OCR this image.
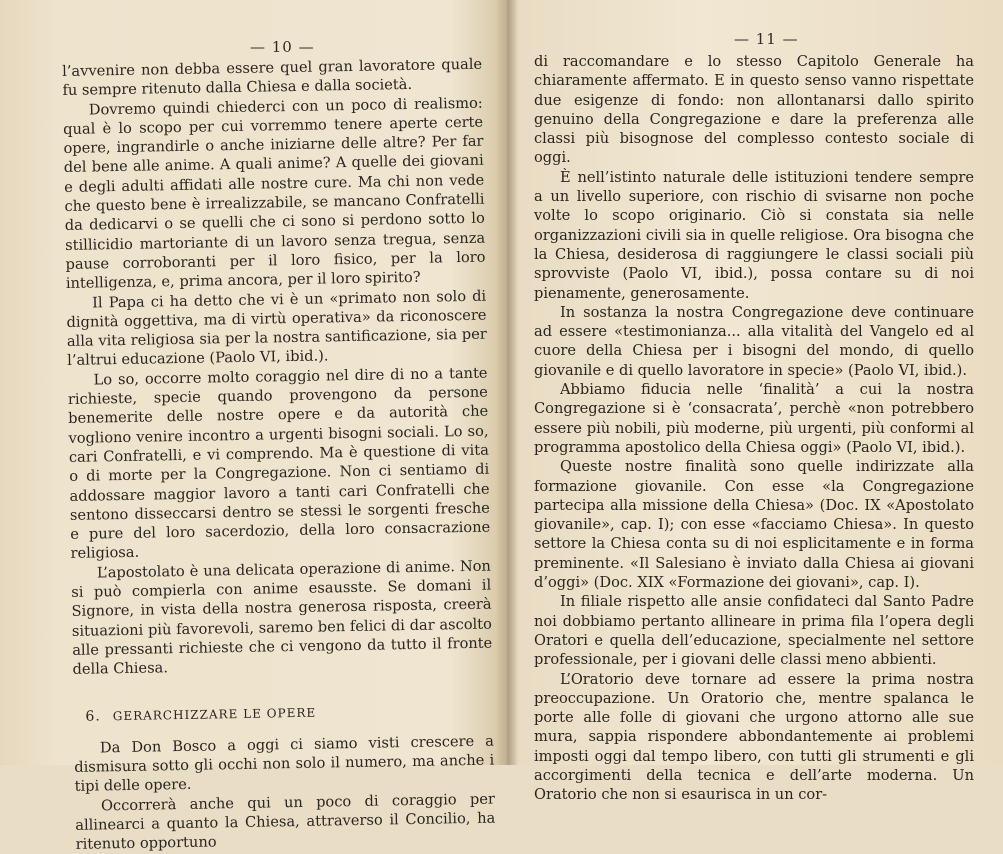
— 10 —

l’avvenire non debba essere quel gran lavoratore quale fu sempre ritenuto dalla Chiesa e dalla società.

Dovremo quindi chiederci con un poco di realismo: qual è lo scopo per cui vorremmo tenere aperte certe opere, ingrandirle o anche iniziarne delle altre? Per far del bene alle anime. A quali anime? A quelle dei giovani e degli adulti affidati alle nostre cure. Ma chi non vede che questo bene è irrealizzabile, se mancano Confratelli da dedicarvi o se quelli che ci sono si perdono sotto lo stillicidio martoriante di un lavoro senza tregua, senza pause corroboranti per il loro fisico, per la loro intelligenza, e, prima ancora, per il loro spirito?

Il Papa ci ha detto che vi è un «primato non solo di dignità oggettiva, ma di virtù operativa» da riconoscere alla vita religiosa sia per la nostra santificazione, sia per l’altrui educazione (Paolo VI, ibid.).

Lo so, occorre molto coraggio nel dire di no a tante richieste, specie quando provengono da persone benemerite delle nostre opere e da autorità che vogliono venire incontro a urgenti bisogni sociali. Lo so, cari Confratelli, e vi comprendo. Ma è questione di vita o di morte per la Congregazione. Non ci sentiamo di addossare maggior lavoro a tanti cari Confratelli che sentono disseccarsi dentro se stessi le sorgenti fresche e pure del loro sacerdozio, della loro consacrazione religiosa.

L’apostolato è una delicata operazione di anime. Non si può compierla con anime esausste. Se domani il Signore, in vista della nostra generosa risposta, creerà situazioni più favorevoli, saremo ben felici di dar ascolto alle pressanti richieste che ci vengono da tutto il fronte della Chiesa.

6. GERARCHIZZARE LE OPERE

Da Don Bosco a oggi ci siamo visti crescere a dismisura sotto gli occhi non solo il numero, ma anche i tipi delle opere.

Occorrerà anche qui un poco di coraggio per allinearci a quanto la Chiesa, attraverso il Concilio, ha ritenuto opportuno

— 11 —

di raccomandare e lo stesso Capitolo Generale ha chiaramente affermato. E in questo senso vanno rispettate due esigenze di fondo: non allontanarsi dallo spirito genuino della Congregazione e dare la preferenza alle classi più bisognose del complesso contesto sociale di oggi.

È nell’istinto naturale delle istituzioni tendere sempre a un livello superiore, con rischio di svisarne non poche volte lo scopo originario. Ciò si constata sia nelle organizzazioni civili sia in quelle religiose. Ora bisogna che la Chiesa, desiderosa di raggiungere le classi sociali più sprovviste (Paolo VI, ibid.), possa contare su di noi pienamente, generosamente.

In sostanza la nostra Congregazione deve continuare ad essere «testimonianza... alla vitalità del Vangelo ed al cuore della Chiesa per i bisogni del mondo, di quello giovanile e di quello lavoratore in specie» (Paolo VI, ibid.).

Abbiamo fiducia nelle ‘finalità’ a cui la nostra Congregazione si è ‘consacrata’, perchè «non potrebbero essere più nobili, più moderne, più urgenti, più conformi al programma apostolico della Chiesa oggi» (Paolo VI, ibid.).

Queste nostre finalità sono quelle indirizzate alla formazione giovanile. Con esse «la Congregazione partecipa alla missione della Chiesa» (Doc. IX «Apostolato giovanile», cap. I); con esse «facciamo Chiesa». In questo settore la Chiesa conta su di noi esplicitamente e in forma preminente. «Il Salesiano è inviato dalla Chiesa ai giovani d’oggi» (Doc. XIX «Formazione dei giovani», cap. I).

In filiale rispetto alle ansie confidateci dal Santo Padre noi dobbiamo pertanto allineare in prima fila l’opera degli Oratori e quella dell’educazione, specialmente nel settore professionale, per i giovani delle classi meno abbienti.

L’Oratorio deve tornare ad essere la prima nostra preoccupazione. Un Oratorio che, mentre spalanca le porte alle folle di giovani che urgono attorno alle sue mura, sappia rispondere abbondantemente ai problemi imposti oggi dal tempo libero, con tutti gli strumenti e gli accorgimenti della tecnica e dell’arte moderna. Un Oratorio che non si esaurisca in un cor-
